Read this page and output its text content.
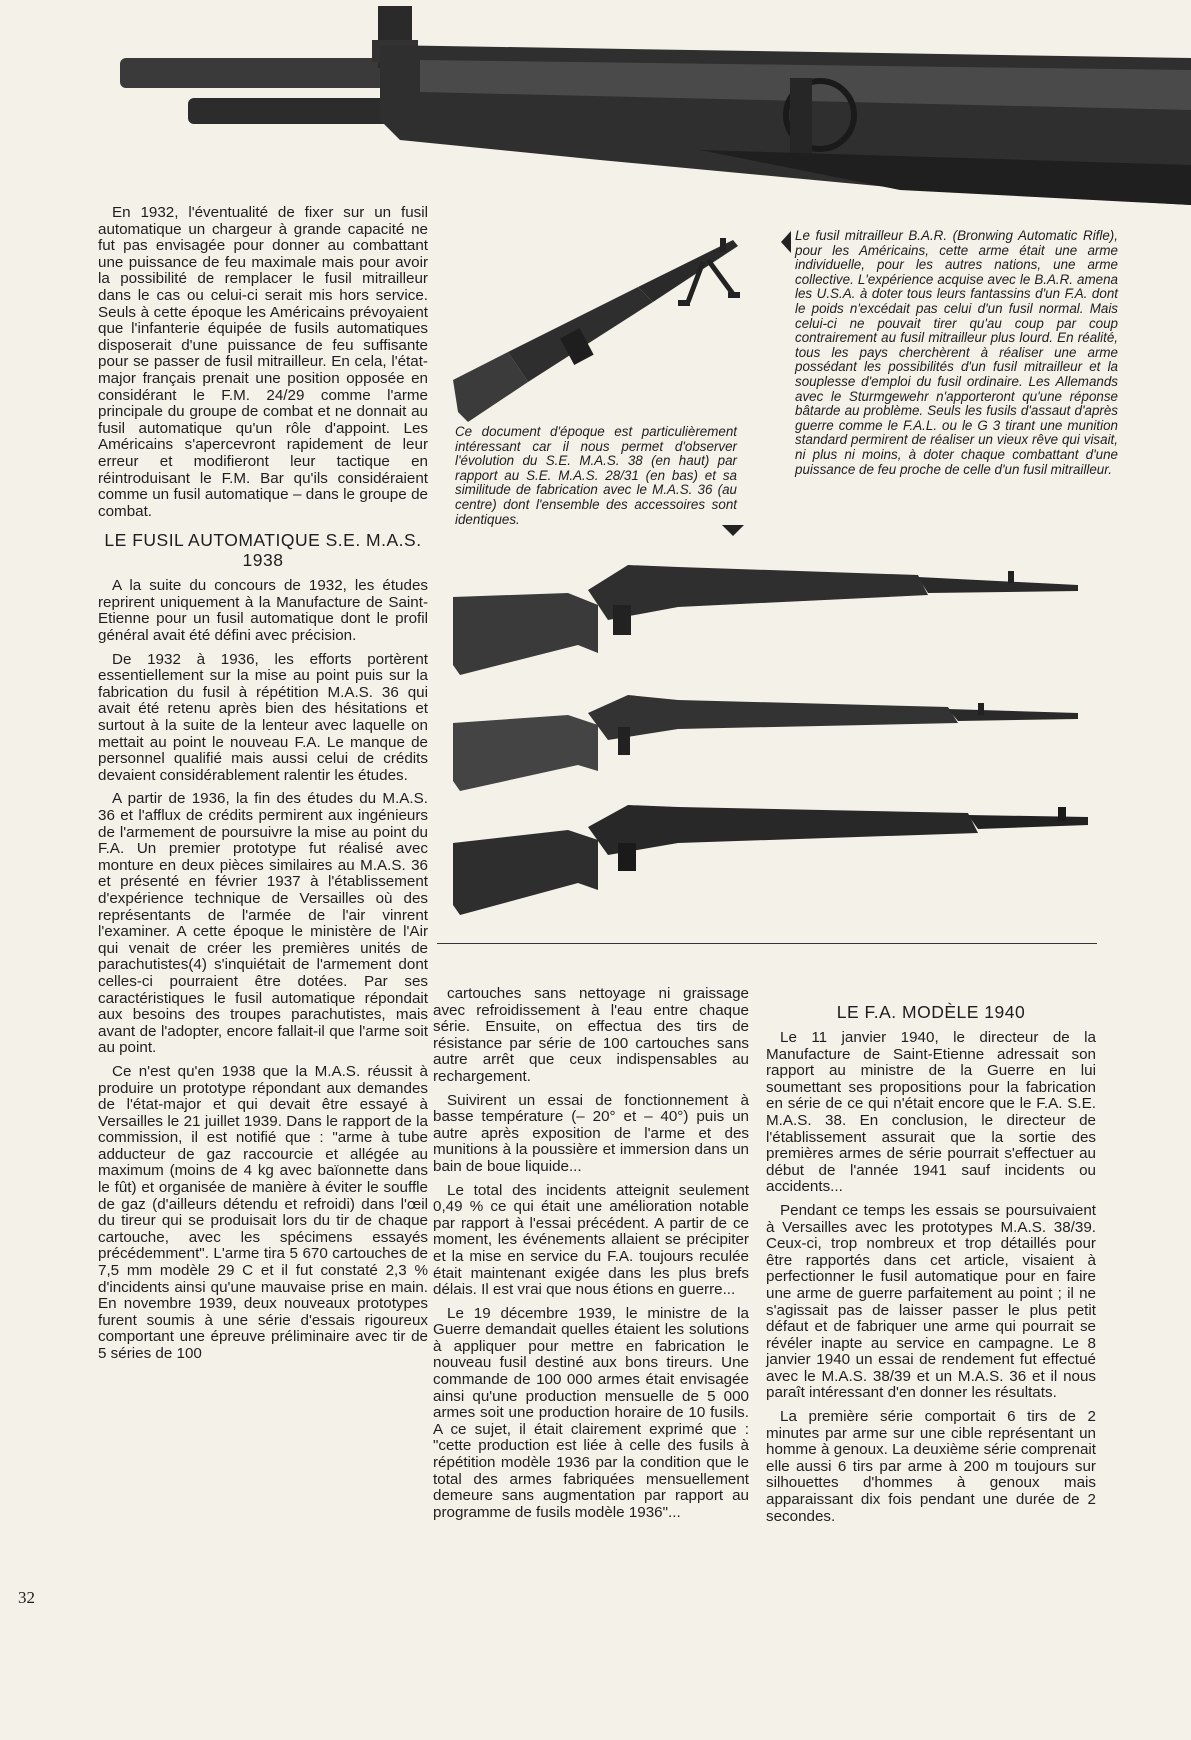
Ce document d'époque est particulièrement intéressant car il nous permet d'observer l'évolution du S.E. M.A.S. 38 (en haut) par rapport au S.E. M.A.S. 28/31 (en bas) et sa similitude de fabrication avec le M.A.S. 36 (au centre) dont l'ensemble des accessoires sont identiques.

Le fusil mitrailleur B.A.R. (Bronwing Automatic Rifle), pour les Américains, cette arme était une arme individuelle, pour les autres nations, une arme collective. L'expérience acquise avec le B.A.R. amena les U.S.A. à doter tous leurs fantassins d'un F.A. dont le poids n'excédait pas celui d'un fusil normal. Mais celui-ci ne pouvait tirer qu'au coup par coup contrairement au fusil mitrailleur plus lourd. En réalité, tous les pays cherchèrent à réaliser une arme possédant les possibilités d'un fusil mitrailleur et la souplesse d'emploi du fusil ordinaire. Les Allemands avec le Sturmgewehr n'apporteront qu'une réponse bâtarde au problème. Seuls les fusils d'assaut d'après guerre comme le F.A.L. ou le G 3 tirant une munition standard permirent de réaliser un vieux rêve qui visait, ni plus ni moins, à doter chaque combattant d'une puissance de feu proche de celle d'un fusil mitrailleur.

En 1932, l'éventualité de fixer sur un fusil automatique un chargeur à grande capacité ne fut pas envisagée pour donner au combattant une puissance de feu maximale mais pour avoir la possibilité de remplacer le fusil mitrailleur dans le cas ou celui-ci serait mis hors service. Seuls à cette époque les Américains prévoyaient que l'infanterie équipée de fusils automatiques disposerait d'une puissance de feu suffisante pour se passer de fusil mitrailleur. En cela, l'état-major français prenait une position opposée en considérant le F.M. 24/29 comme l'arme principale du groupe de combat et ne donnait au fusil automatique qu'un rôle d'appoint. Les Américains s'apercevront rapidement de leur erreur et modifieront leur tactique en réintroduisant le F.M. Bar qu'ils considéraient comme un fusil automatique – dans le groupe de combat.

LE FUSIL AUTOMATIQUE S.E. M.A.S. 1938

A la suite du concours de 1932, les études reprirent uniquement à la Manufacture de Saint-Etienne pour un fusil automatique dont le profil général avait été défini avec précision.

De 1932 à 1936, les efforts portèrent essentiellement sur la mise au point puis sur la fabrication du fusil à répétition M.A.S. 36 qui avait été retenu après bien des hésitations et surtout à la suite de la lenteur avec laquelle on mettait au point le nouveau F.A. Le manque de personnel qualifié mais aussi celui de crédits devaient considérablement ralentir les études.

A partir de 1936, la fin des études du M.A.S. 36 et l'afflux de crédits permirent aux ingénieurs de l'armement de poursuivre la mise au point du F.A. Un premier prototype fut réalisé avec monture en deux pièces similaires au M.A.S. 36 et présenté en février 1937 à l'établissement d'expérience technique de Versailles où des représentants de l'armée de l'air vinrent l'examiner. A cette époque le ministère de l'Air qui venait de créer les premières unités de parachutistes(4) s'inquiétait de l'armement dont celles-ci pourraient être dotées. Par ses caractéristiques le fusil automatique répondait aux besoins des troupes parachutistes, mais avant de l'adopter, encore fallait-il que l'arme soit au point.

Ce n'est qu'en 1938 que la M.A.S. réussit à produire un prototype répondant aux demandes de l'état-major et qui devait être essayé à Versailles le 21 juillet 1939. Dans le rapport de la commission, il est notifié que : "arme à tube adducteur de gaz raccourcie et allégée au maximum (moins de 4 kg avec baïonnette dans le fût) et organisée de manière à éviter le souffle de gaz (d'ailleurs détendu et refroidi) dans l'œil du tireur qui se produisait lors du tir de chaque cartouche, avec les spécimens essayés précédemment". L'arme tira 5 670 cartouches de 7,5 mm modèle 29 C et il fut constaté 2,3 % d'incidents ainsi qu'une mauvaise prise en main. En novembre 1939, deux nouveaux prototypes furent soumis à une série d'essais rigoureux comportant une épreuve préliminaire avec tir de 5 séries de 100

cartouches sans nettoyage ni graissage avec refroidissement à l'eau entre chaque série. Ensuite, on effectua des tirs de résistance par série de 100 cartouches sans autre arrêt que ceux indispensables au rechargement.

Suivirent un essai de fonctionnement à basse température (– 20° et – 40°) puis un autre après exposition de l'arme et des munitions à la poussière et immersion dans un bain de boue liquide...

Le total des incidents atteignit seulement 0,49 % ce qui était une amélioration notable par rapport à l'essai précédent. A partir de ce moment, les événements allaient se précipiter et la mise en service du F.A. toujours reculée était maintenant exigée dans les plus brefs délais. Il est vrai que nous étions en guerre...

Le 19 décembre 1939, le ministre de la Guerre demandait quelles étaient les solutions à appliquer pour mettre en fabrication le nouveau fusil destiné aux bons tireurs. Une commande de 100 000 armes était envisagée ainsi qu'une production mensuelle de 5 000 armes soit une production horaire de 10 fusils. A ce sujet, il était clairement exprimé que : "cette production est liée à celle des fusils à répétition modèle 1936 par la condition que le total des armes fabriquées mensuellement demeure sans augmentation par rapport au programme de fusils modèle 1936"...

LE F.A. MODÈLE 1940

Le 11 janvier 1940, le directeur de la Manufacture de Saint-Etienne adressait son rapport au ministre de la Guerre en lui soumettant ses propositions pour la fabrication en série de ce qui n'était encore que le F.A. S.E. M.A.S. 38. En conclusion, le directeur de l'établissement assurait que la sortie des premières armes de série pourrait s'effectuer au début de l'année 1941 sauf incidents ou accidents...

Pendant ce temps les essais se poursuivaient à Versailles avec les prototypes M.A.S. 38/39. Ceux-ci, trop nombreux et trop détaillés pour être rapportés dans cet article, visaient à perfectionner le fusil automatique pour en faire une arme de guerre parfaitement au point ; il ne s'agissait pas de laisser passer le plus petit défaut et de fabriquer une arme qui pourrait se révéler inapte au service en campagne. Le 8 janvier 1940 un essai de rendement fut effectué avec le M.A.S. 38/39 et un M.A.S. 36 et il nous paraît intéressant d'en donner les résultats.

La première série comportait 6 tirs de 2 minutes par arme sur une cible représentant un homme à genoux. La deuxième série comprenait elle aussi 6 tirs par arme à 200 m toujours sur silhouettes d'hommes à genoux mais apparaissant dix fois pendant une durée de 2 secondes.

32
